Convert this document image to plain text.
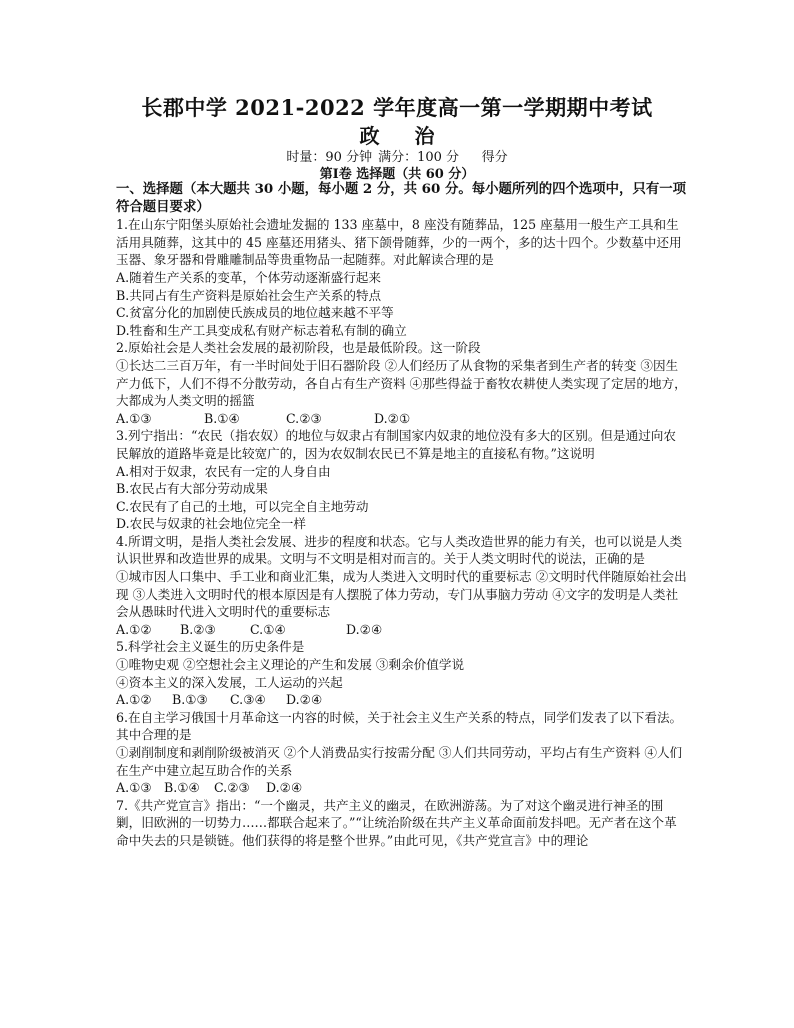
长郡中学 2021-2022 学年度高一第一学期期中考试
政 治
时量：90 分钟 满分：100 分 得分
第Ⅰ卷 选择题（共 60 分）

一、选择题（本大题共 30 小题，每小题 2 分，共 60 分。每小题所列的四个选项中，只有一项符合题目要求）

1.在山东宁阳堡头原始社会遗址发掘的 133 座墓中，8 座没有随葬品，125 座墓用一般生产工具和生活用具随葬，这其中的 45 座墓还用猪头、猪下颌骨随葬，少的一两个，多的达十四个。少数墓中还用玉器、象牙器和骨雕雕制品等贵重物品一起随葬。对此解读合理的是

A.随着生产关系的变革，个体劳动逐渐盛行起来

B.共同占有生产资料是原始社会生产关系的特点

C.贫富分化的加剧使氏族成员的地位越来越不平等

D.牲畜和生产工具变成私有财产标志着私有制的确立

2.原始社会是人类社会发展的最初阶段，也是最低阶段。这一阶段

①长达二三百万年，有一半时间处于旧石器阶段 ②人们经历了从食物的采集者到生产者的转变 ③因生产力低下，人们不得不分散劳动，各自占有生产资料 ④那些得益于畜牧农耕使人类实现了定居的地方，大都成为人类文明的摇篮

A.①③	B.①④	C.②③	D.②①

3.列宁指出：“农民（指农奴）的地位与奴隶占有制国家内奴隶的地位没有多大的区别。但是通过向农民解放的道路毕竟是比较宽广的，因为农奴制农民已不算是地主的直接私有物。”这说明

A.相对于奴隶，农民有一定的人身自由

B.农民占有大部分劳动成果

C.农民有了自己的土地，可以完全自主地劳动

D.农民与奴隶的社会地位完全一样

4.所谓文明，是指人类社会发展、进步的程度和状态。它与人类改造世界的能力有关，也可以说是人类认识世界和改造世界的成果。文明与不文明是相对而言的。关于人类文明时代的说法，正确的是

①城市因人口集中、手工业和商业汇集，成为人类进入文明时代的重要标志 ②文明时代伴随原始社会出现 ③人类进入文明时代的根本原因是有人摆脱了体力劳动，专门从事脑力劳动 ④文字的发明是人类社会从愚昧时代进入文明时代的重要标志

A.①② B.②③	C.①④	D.②④

5.科学社会主义诞生的历史条件是

①唯物史观 ②空想社会主义理论的产生和发展 ③剩余价值学说

④资本主义的深入发展，工人运动的兴起

A.①② B.①③ C.③④ D.②④

6.在自主学习俄国十月革命这一内容的时候，关于社会主义生产关系的特点，同学们发表了以下看法。其中合理的是

①剥削制度和剥削阶级被消灭 ②个人消费品实行按需分配 ③人们共同劳动，平均占有生产资料 ④人们在生产中建立起互助合作的关系

A.①③ B.①④ C.②③ D.②④

7.《共产党宣言》指出：“一个幽灵，共产主义的幽灵，在欧洲游荡。为了对这个幽灵进行神圣的围剿，旧欧洲的一切势力……都联合起来了。”“让统治阶级在共产主义革命面前发抖吧。无产者在这个革命中失去的只是锁链。他们获得的将是整个世界。”由此可见，《共产党宣言》中的理论
